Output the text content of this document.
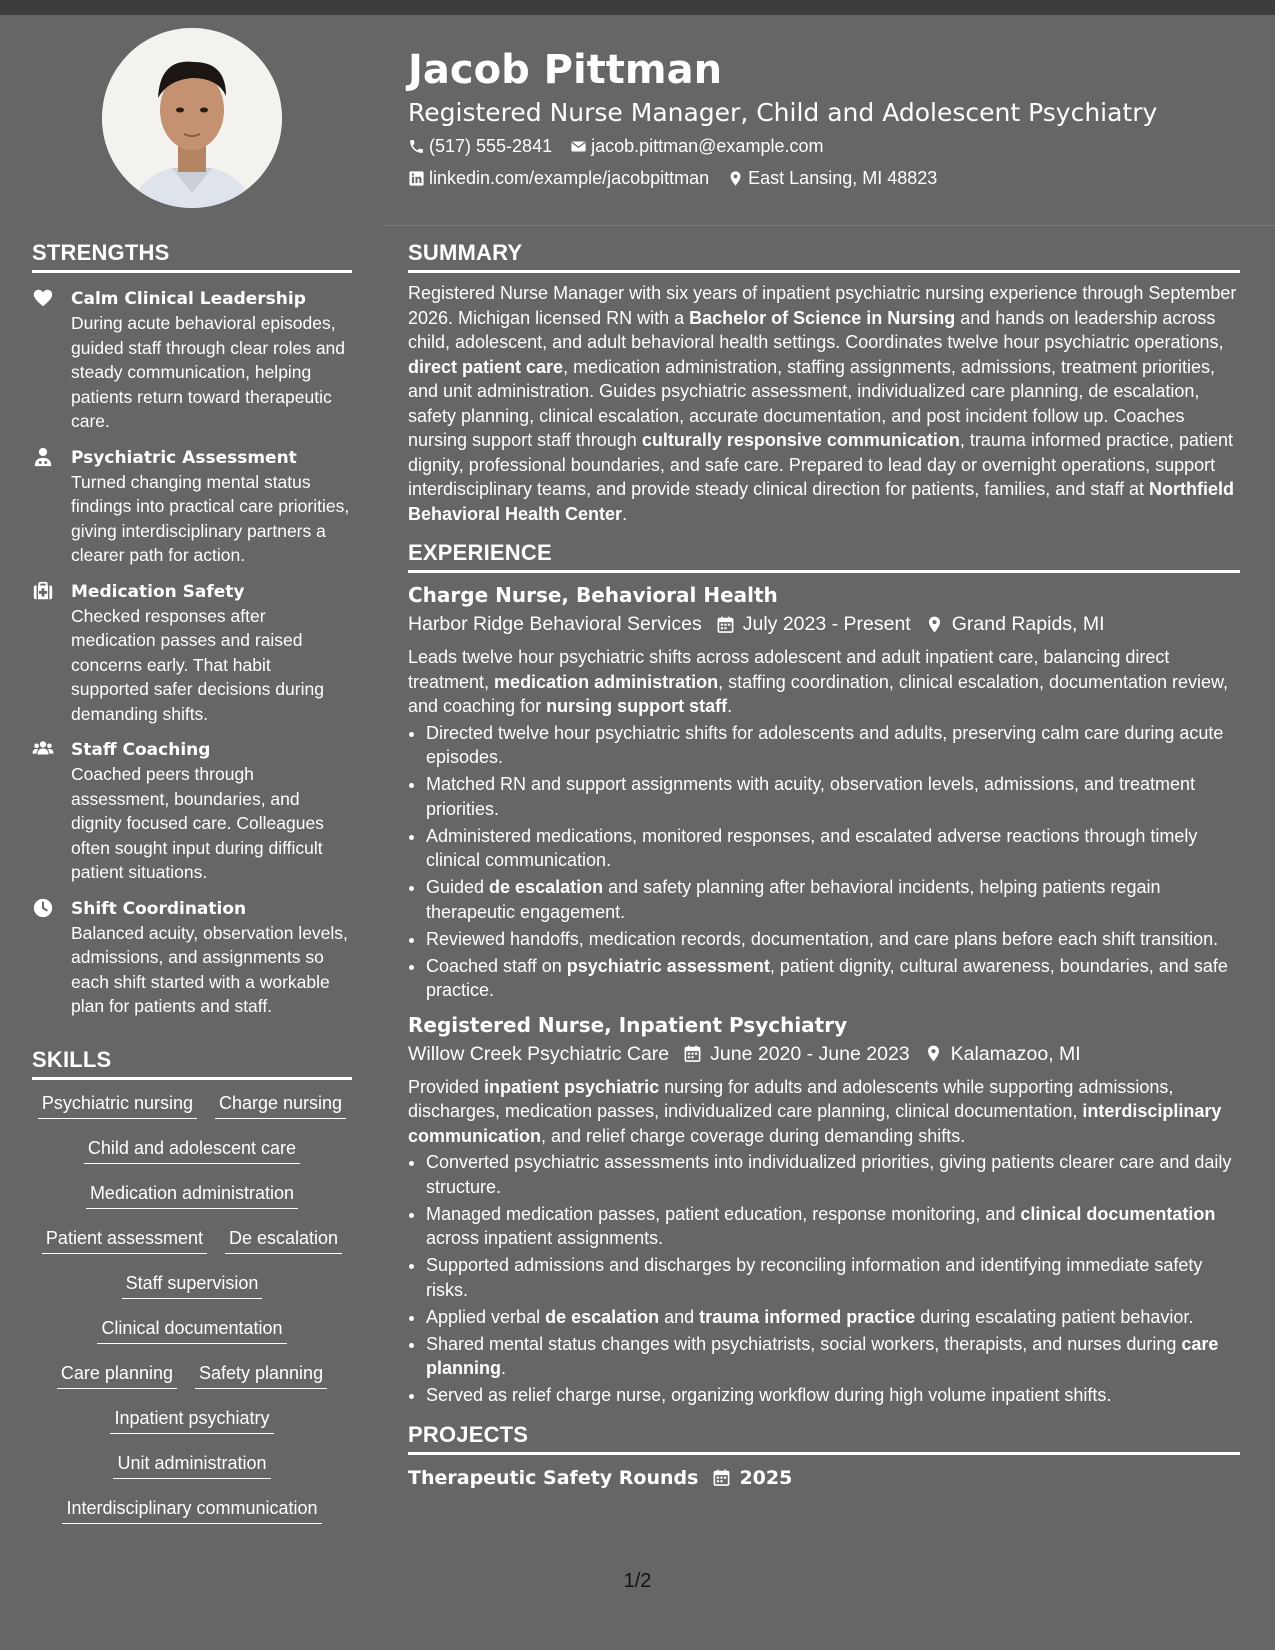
STRENGTHS
Calm Clinical Leadership
During acute behavioral episodes, guided staff through clear roles and steady communication, helping patients return toward therapeutic care.
Psychiatric Assessment
Turned changing mental status findings into practical care priorities, giving interdisciplinary partners a clearer path for action.
Medication Safety
Checked responses after medication passes and raised concerns early. That habit supported safer decisions during demanding shifts.
Staff Coaching
Coached peers through assessment, boundaries, and dignity focused care. Colleagues often sought input during difficult patient situations.
Shift Coordination
Balanced acuity, observation levels, admissions, and assignments so each shift started with a workable plan for patients and staff.
SKILLS
Psychiatric nursing Charge nursing
Child and adolescent care
Medication administration
Patient assessment De escalation
Staff supervision
Clinical documentation
Care planning Safety planning
Inpatient psychiatry
Unit administration
Interdisciplinary communication
Jacob Pittman
Registered Nurse Manager, Child and Adolescent Psychiatry
(517) 555-2841 jacob.pittman@example.com
linkedin.com/example/jacobpittman East Lansing, MI 48823
SUMMARY

Registered Nurse Manager with six years of inpatient psychiatric nursing experience through September 2026. Michigan licensed RN with a Bachelor of Science in Nursing and hands on leadership across child, adolescent, and adult behavioral health settings. Coordinates twelve hour psychiatric operations, direct patient care, medication administration, staffing assignments, admissions, treatment priorities, and unit administration. Guides psychiatric assessment, individualized care planning, de escalation, safety planning, clinical escalation, accurate documentation, and post incident follow up. Coaches nursing support staff through culturally responsive communication, trauma informed practice, patient dignity, professional boundaries, and safe care. Prepared to lead day or overnight operations, support interdisciplinary teams, and provide steady clinical direction for patients, families, and staff at Northfield Behavioral Health Center.

EXPERIENCE
Charge Nurse, Behavioral Health
Harbor Ridge Behavioral Services July 2023 - Present Grand Rapids, MI

Leads twelve hour psychiatric shifts across adolescent and adult inpatient care, balancing direct treatment, medication administration, staffing coordination, clinical escalation, documentation review, and coaching for nursing support staff.

• Directed twelve hour psychiatric shifts for adolescents and adults, preserving calm care during acute episodes.
• Matched RN and support assignments with acuity, observation levels, admissions, and treatment priorities.
• Administered medications, monitored responses, and escalated adverse reactions through timely clinical communication.
• Guided de escalation and safety planning after behavioral incidents, helping patients regain therapeutic engagement.
• Reviewed handoffs, medication records, documentation, and care plans before each shift transition.
• Coached staff on psychiatric assessment, patient dignity, cultural awareness, boundaries, and safe practice.
Registered Nurse, Inpatient Psychiatry
Willow Creek Psychiatric Care June 2020 - June 2023 Kalamazoo, MI

Provided inpatient psychiatric nursing for adults and adolescents while supporting admissions, discharges, medication passes, individualized care planning, clinical documentation, interdisciplinary communication, and relief charge coverage during demanding shifts.

• Converted psychiatric assessments into individualized priorities, giving patients clearer care and daily structure.
• Managed medication passes, patient education, response monitoring, and clinical documentation across inpatient assignments.
• Supported admissions and discharges by reconciling information and identifying immediate safety risks.
• Applied verbal de escalation and trauma informed practice during escalating patient behavior.
• Shared mental status changes with psychiatrists, social workers, therapists, and nurses during care planning.
• Served as relief charge nurse, organizing workflow during high volume inpatient shifts.
PROJECTS
Therapeutic Safety Rounds 2025
1/2
